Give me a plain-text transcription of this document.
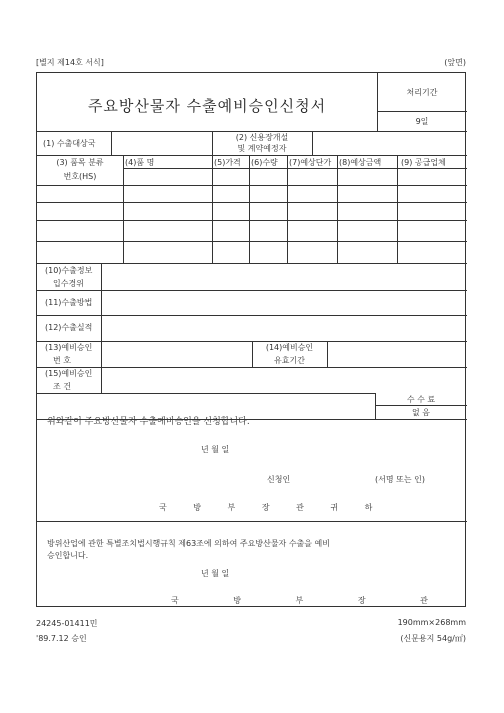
[별지 제14호 서식]	(앞면)
주요방산물자 수출예비승인신청서
처리기간
9일
(1) 수출대상국
(2) 신용장개설
및 계약예정자
(3) 품목 분류
번호(HS)
(4)품 명	(5)가격 (6)수량 (7)예상단가 (8)예상금액 (9) 공급업체
(10)수출정보
입수경위
(11)수출방법
(12)수출실적
(13)예비승인
번 호
(14)예비승인
유효기간
(15)예비승인
조 건
수 수 료
없 음
위와같이 주요방산물자 수출예비승인을 신청합니다.
년 월 일
신청인	(서명 또는 인)
국 방 부 장 관 귀 하
방위산업에 관한 특별조치법시행규칙 제63조에 의하여 주요방산물자 수출을 예비
승인합니다.
년 월 일
국 방 부 장 관
24245-01411민
'89.7.12 승인
190mm×268mm
(신문용지 54g/㎡)
